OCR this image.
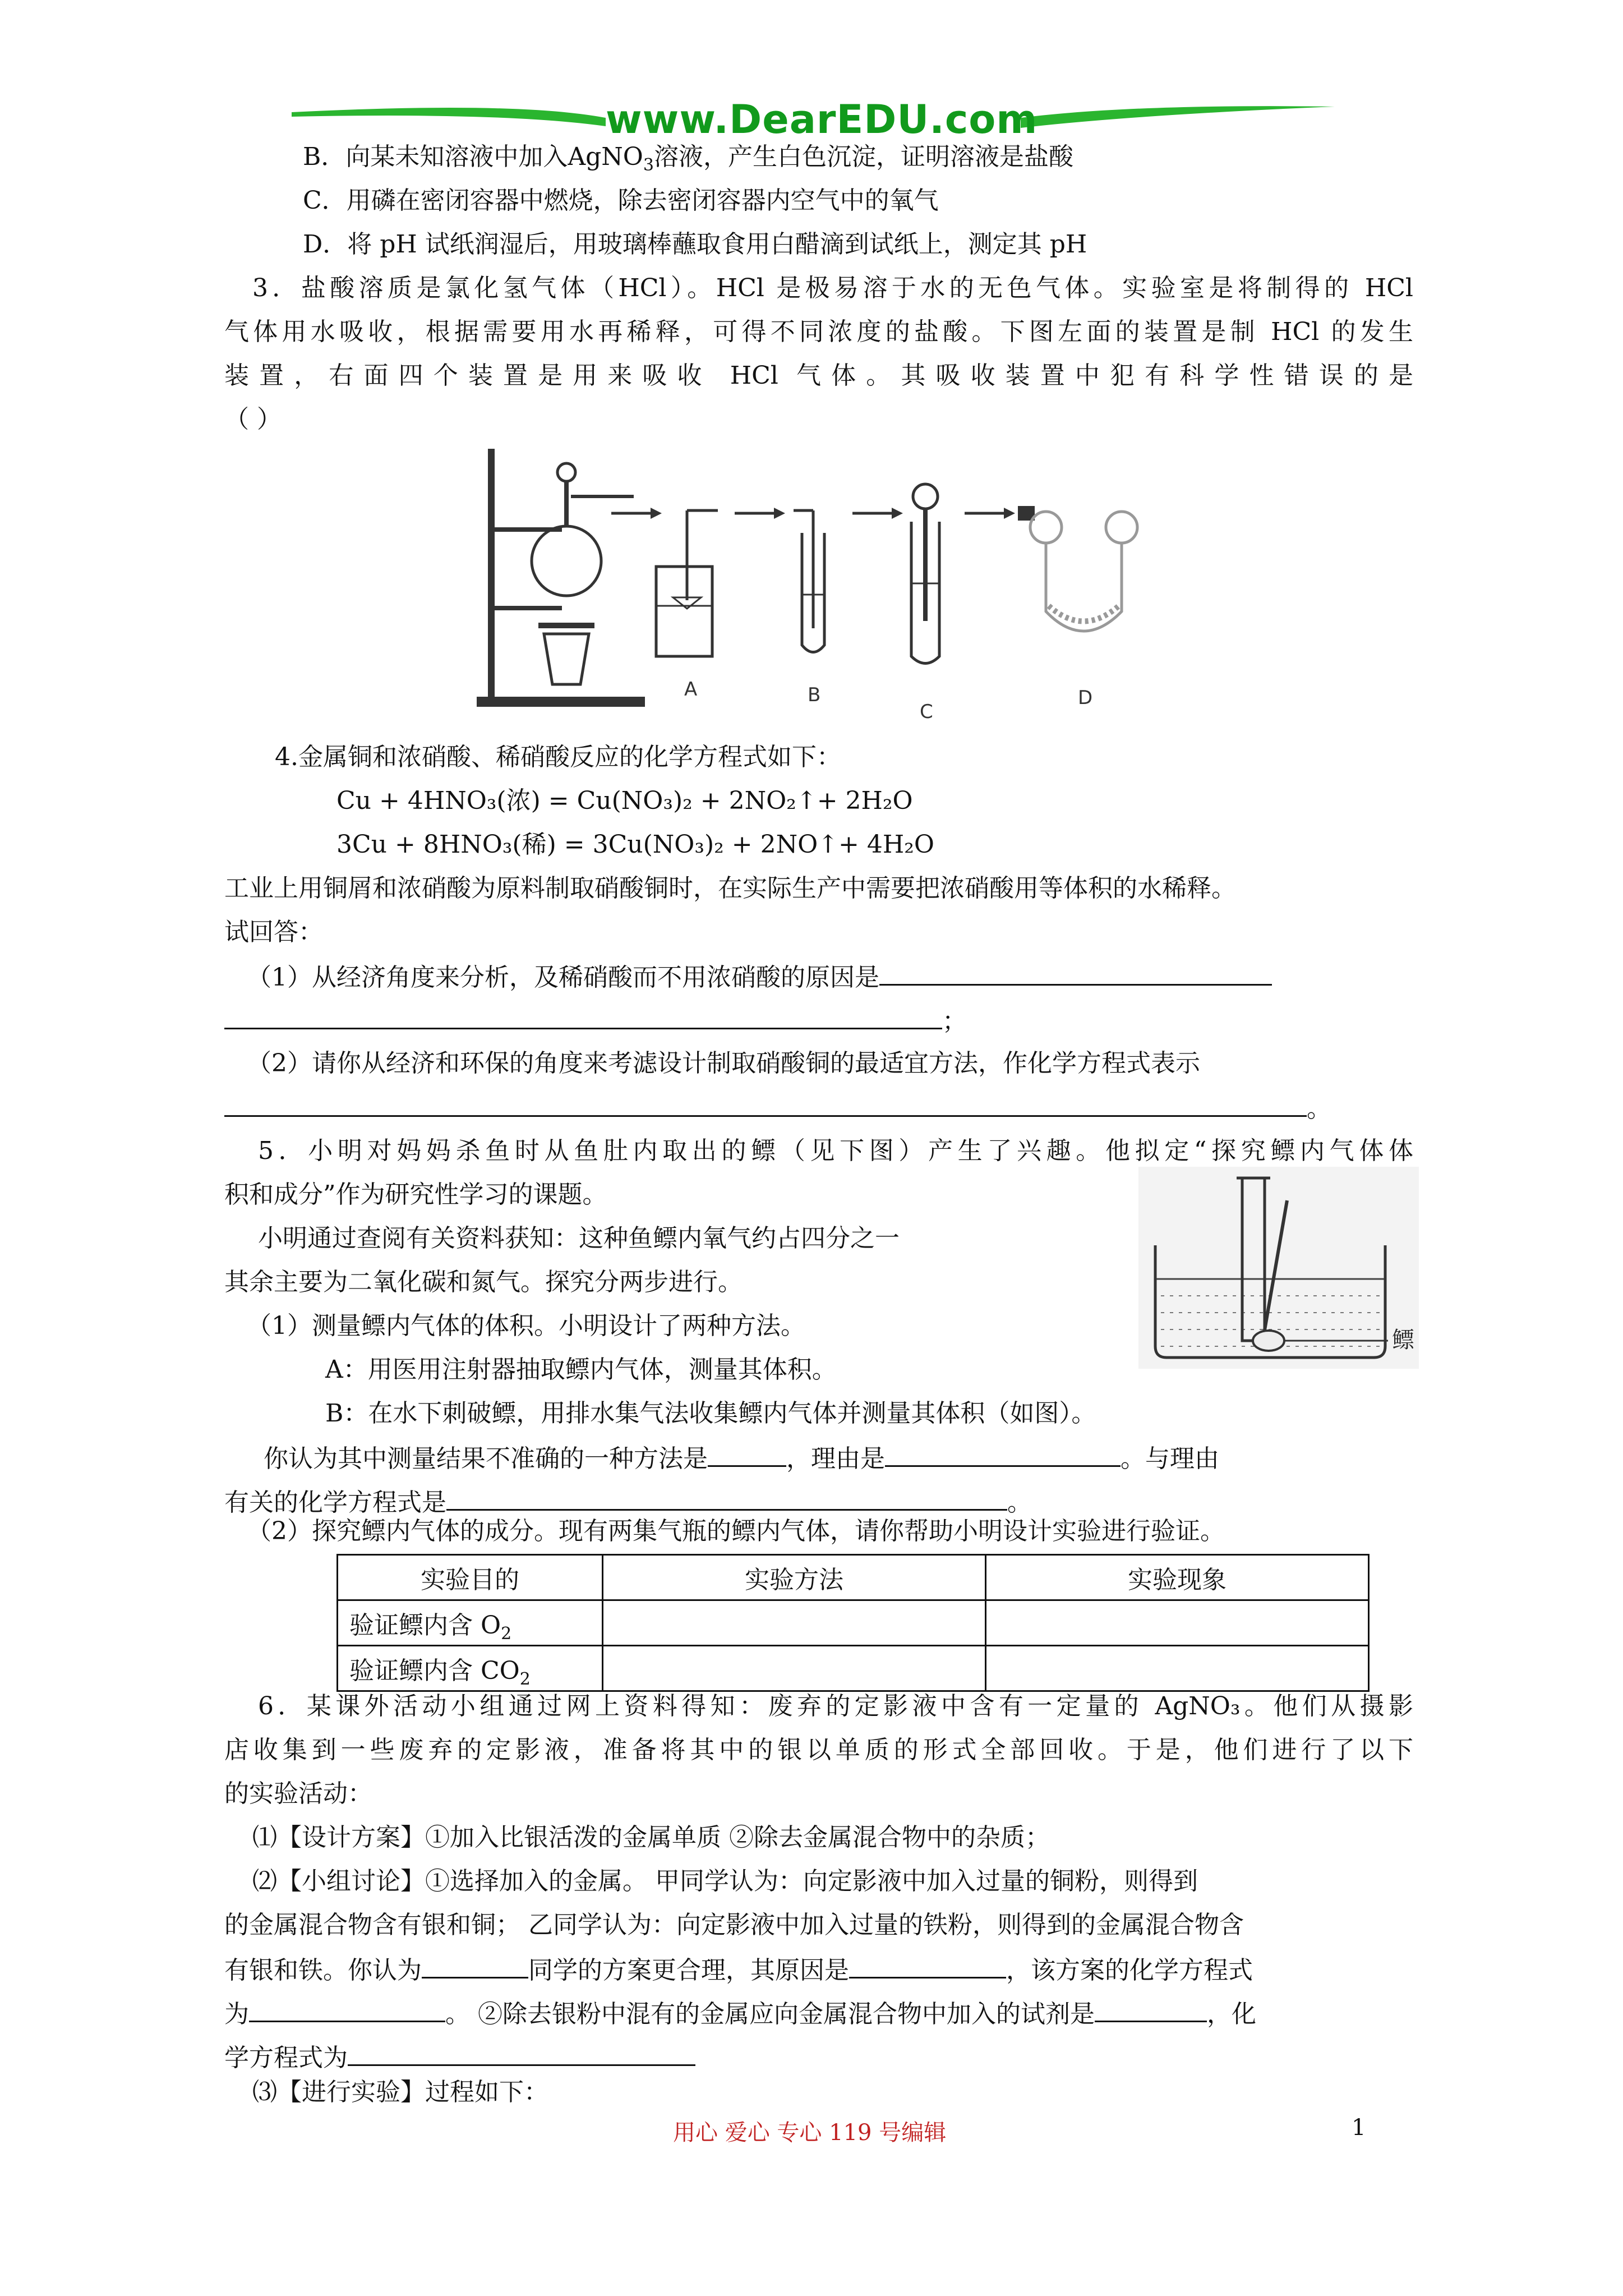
www.DearEDU.com
B．向某未知溶液中加入AgNO$_3$溶液，产生白色沉淀，证明溶液是盐酸
C．用磷在密闭容器中燃烧，除去密闭容器内空气中的氧气
D．将 pH 试纸润湿后，用玻璃棒蘸取食用白醋滴到试纸上，测定其 pH
3．盐酸溶质是氯化氢气体（HCl）。HCl 是极易溶于水的无色气体。实验室是将制得的 HCl
气体用水吸收，根据需要用水再稀释，可得不同浓度的盐酸。下图左面的装置是制 HCl 的发生
装置，右面四个装置是用来吸收 HCl 气体。其吸收装置中犯有科学性错误的是
（ ）
A	B
C
D
4.金属铜和浓硝酸、稀硝酸反应的化学方程式如下：
Cu + 4HNO₃(浓) = Cu(NO₃)₂ + 2NO₂↑+ 2H₂O
3Cu + 8HNO₃(稀) = 3Cu(NO₃)₂ + 2NO↑+ 4H₂O
工业上用铜屑和浓硝酸为原料制取硝酸铜时，在实际生产中需要把浓硝酸用等体积的水稀释。
试回答：
（1）从经济角度来分析，及稀硝酸而不用浓硝酸的原因是
；
（2）请你从经济和环保的角度来考滤设计制取硝酸铜的最适宜方法，作化学方程式表示
。
5．小明对妈妈杀鱼时从鱼肚内取出的鳔（见下图）产生了兴趣。他拟定“探究鳔内气体体
积和成分”作为研究性学习的课题。
小明通过查阅有关资料获知：这种鱼鳔内氧气约占四分之一
其余主要为二氧化碳和氮气。探究分两步进行。
（1）测量鳔内气体的体积。小明设计了两种方法。
A：用医用注射器抽取鳔内气体，测量其体积。
B：在水下刺破鳔，用排水集气法收集鳔内气体并测量其体积（如图）。
鳔
你认为其中测量结果不准确的一种方法是	，理由是	。与理由
有关的化学方程式是	。
（2）探究鳔内气体的成分。现有两集气瓶的鳔内气体，请你帮助小明设计实验进行验证。
实验目的	实验方法	实验现象
验证鳔内含 $O_2$		
验证鳔内含 $CO_2$		
6．某课外活动小组通过网上资料得知：废弃的定影液中含有一定量的 AgNO₃。他们从摄影
店收集到一些废弃的定影液，准备将其中的银以单质的形式全部回收。于是，他们进行了以下
的实验活动：
⑴【设计方案】①加入比银活泼的金属单质 ②除去金属混合物中的杂质；
⑵【小组讨论】①选择加入的金属。 甲同学认为：向定影液中加入过量的铜粉，则得到
的金属混合物含有银和铜； 乙同学认为：向定影液中加入过量的铁粉，则得到的金属混合物含
有银和铁。你认为	同学的方案更合理，其原因是	，该方案的化学方程式
为	。 ②除去银粉中混有的金属应向金属混合物中加入的试剂是	，化
学方程式为
⑶【进行实验】过程如下：
用心 爱心 专心 119 号编辑	1
